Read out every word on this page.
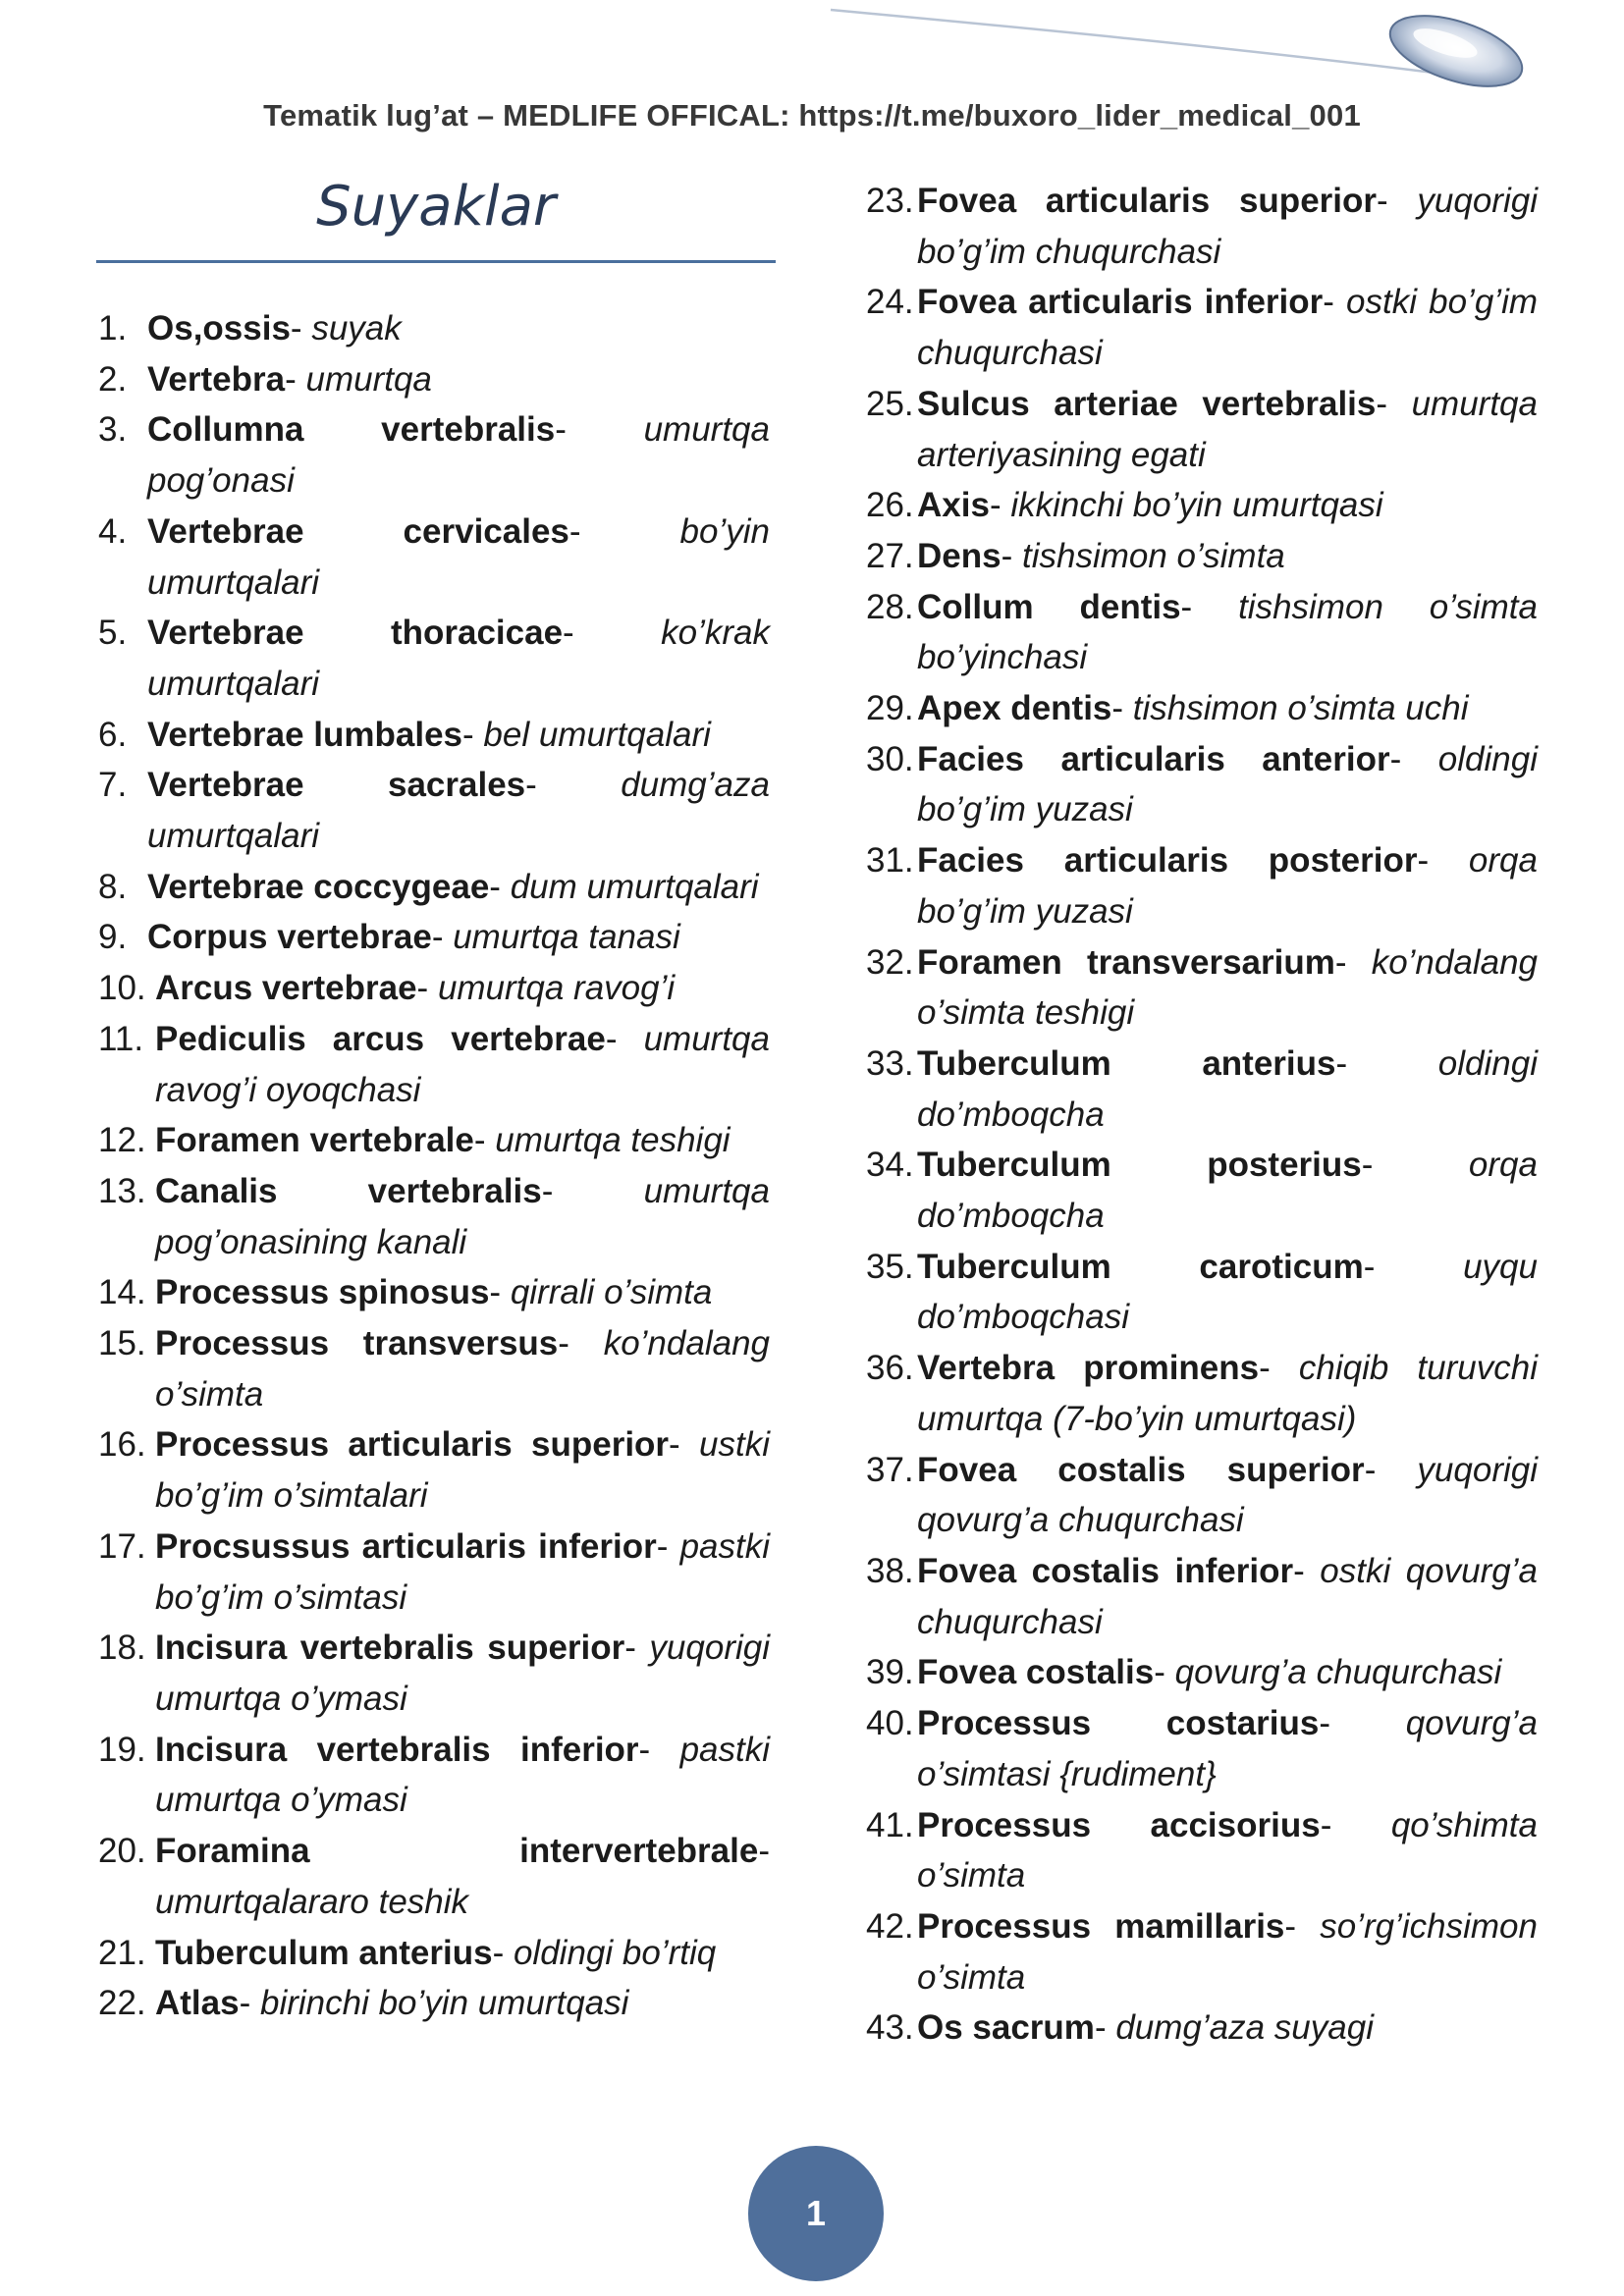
Tematik lug’at – MEDLIFE OFFICAL: https://t.me/buxoro_lider_medical_001
Suyaklar
1. Os,ossis- suyak
2. Vertebra- umurtqa
3. Collumna vertebralis- umurtqa pog’onasi
4. Vertebrae cervicales- bo’yin umurtqalari
5. Vertebrae thoracicae- ko’krak umurtqalari
6. Vertebrae lumbales- bel umurtqalari
7. Vertebrae sacrales- dumg’aza umurtqalari
8. Vertebrae coccygeae- dum umurtqalari
9. Corpus vertebrae- umurtqa tanasi
10. Arcus vertebrae- umurtqa ravog’i
11. Pediculis arcus vertebrae- umurtqa ravog’i oyoqchasi
12. Foramen vertebrale- umurtqa teshigi
13. Canalis vertebralis- umurtqa pog’onasining kanali
14. Processus spinosus- qirrali o’simta
15. Processus transversus- ko’ndalang o’simta
16. Processus articularis superior- ustki bo’g’im o’simtalari
17. Procsussus articularis inferior- pastki bo’g’im o’simtasi
18. Incisura vertebralis superior- yuqorigi umurtqa o’ymasi
19. Incisura vertebralis inferior- pastki umurtqa o’ymasi
20. Foramina intervertebrale- umurtqalararo teshik
21. Tuberculum anterius- oldingi bo’rtiq
22. Atlas- birinchi bo’yin umurtqasi
23. Fovea articularis superior- yuqorigi bo’g’im chuqurchasi
24. Fovea articularis inferior- ostki bo’g’im chuqurchasi
25. Sulcus arteriae vertebralis- umurtqa arteriyasining egati
26. Axis- ikkinchi bo’yin umurtqasi
27. Dens- tishsimon o’simta
28. Collum dentis- tishsimon o’simta bo’yinchasi
29. Apex dentis- tishsimon o’simta uchi
30. Facies articularis anterior- oldingi bo’g’im yuzasi
31. Facies articularis posterior- orqa bo’g’im yuzasi
32. Foramen transversarium- ko’ndalang o’simta teshigi
33. Tuberculum anterius- oldingi do’mboqcha
34. Tuberculum posterius- orqa do’mboqcha
35. Tuberculum caroticum- uyqu do’mboqchasi
36. Vertebra prominens- chiqib turuvchi umurtqa (7-bo’yin umurtqasi)
37. Fovea costalis superior- yuqorigi qovurg’a chuqurchasi
38. Fovea costalis inferior- ostki qovurg’a chuqurchasi
39. Fovea costalis- qovurg’a chuqurchasi
40. Processus costarius- qovurg’a o’simtasi {rudiment}
41. Processus accisorius- qo’shimta o’simta
42. Processus mamillaris- so’rg’ichsimon o’simta
43. Os sacrum- dumg’aza suyagi
1
